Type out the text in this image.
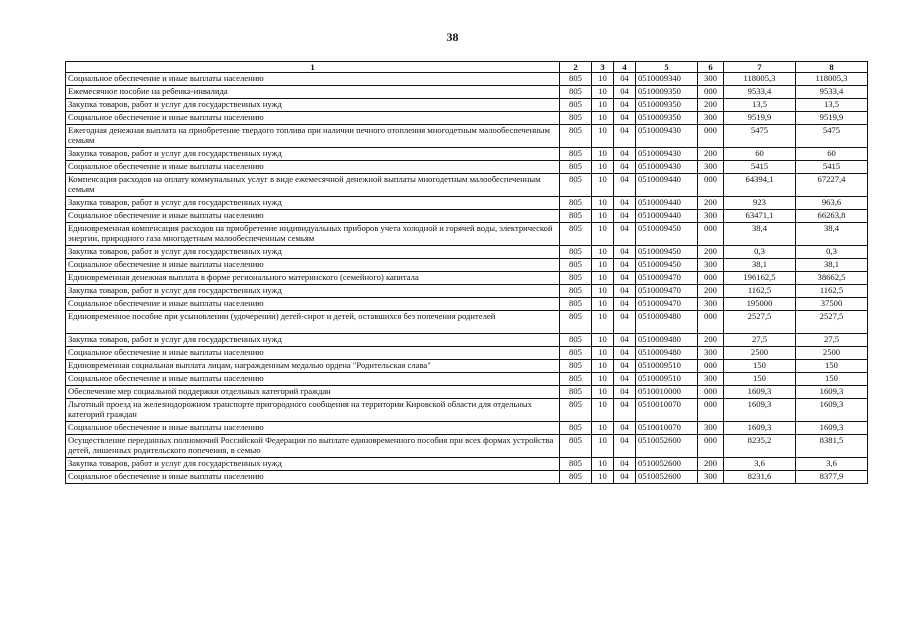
38
1	2	3	4	5	6	7	8
Социальное обеспечение и иные выплаты населению	805	10	04	0510009340	300	118005,3	118005,3
Ежемесячное пособие на ребенка-инвалида	805	10	04	0510009350	000	9533,4	9533,4
Закупка товаров, работ и услуг для государственных нужд	805	10	04	0510009350	200	13,5	13,5
Социальное обеспечение и иные выплаты населению	805	10	04	0510009350	300	9519,9	9519,9
Ежегодная денежная выплата на приобретение твердого топлива при наличии печного отопления многодетным малообеспеченным семьям	805	10	04	0510009430	000	5475	5475
Закупка товаров, работ и услуг для государственных нужд	805	10	04	0510009430	200	60	60
Социальное обеспечение и иные выплаты населению	805	10	04	0510009430	300	5415	5415
Компенсация расходов на оплату коммунальных услуг в виде ежемесячной денежной выплаты многодетным малообеспеченным семьям	805	10	04	0510009440	000	64394,1	67227,4
Закупка товаров, работ и услуг для государственных нужд	805	10	04	0510009440	200	923	963,6
Социальное обеспечение и иные выплаты населению	805	10	04	0510009440	300	63471,1	66263,8
Единовременная компенсация расходов на приобретение индивидуальных приборов учета холодной и горячей воды, электрической энергии, природного газа многодетным малообеспеченным семьям	805	10	04	0510009450	000	38,4	38,4
Закупка товаров, работ и услуг для государственных нужд	805	10	04	0510009450	200	0,3	0,3
Социальное обеспечение и иные выплаты населению	805	10	04	0510009450	300	38,1	38,1
Единовременная денежная выплата в форме регионального материнского (семейного) капитала	805	10	04	0510009470	000	196162,5	38662,5
Закупка товаров, работ и услуг для государственных нужд	805	10	04	0510009470	200	1162,5	1162,5
Социальное обеспечение и иные выплаты населению	805	10	04	0510009470	300	195000	37500
Единовременное пособие при усыновлении (удочерении) детей-сирот и детей, оставшихся без попечения родителей	805	10	04	0510009480	000	2527,5	2527,5
Закупка товаров, работ и услуг для государственных нужд	805	10	04	0510009480	200	27,5	27,5
Социальное обеспечение и иные выплаты населению	805	10	04	0510009480	300	2500	2500
Единовременная социальная выплата лицам, награжденным медалью ордена "Родительская слава"	805	10	04	0510009510	000	150	150
Социальное обеспечение и иные выплаты населению	805	10	04	0510009510	300	150	150
Обеспечение мер социальной поддержки отдельных категорий граждан	805	10	04	0510010000	000	1609,3	1609,3
Льготный проезд на железнодорожном транспорте пригородного сообщения на территории Кировской области для отдельных категорий граждан	805	10	04	0510010070	000	1609,3	1609,3
Социальное обеспечение и иные выплаты населению	805	10	04	0510010070	300	1609,3	1609,3
Осуществление переданных полномочий Российской Федерации по выплате единовременного пособия при всех формах устройства детей, лишенных родительского попечения, в семью	805	10	04	0510052600	000	8235,2	8381,5
Закупка товаров, работ и услуг для государственных нужд	805	10	04	0510052600	200	3,6	3,6
Социальное обеспечение и иные выплаты населению	805	10	04	0510052600	300	8231,6	8377,9
